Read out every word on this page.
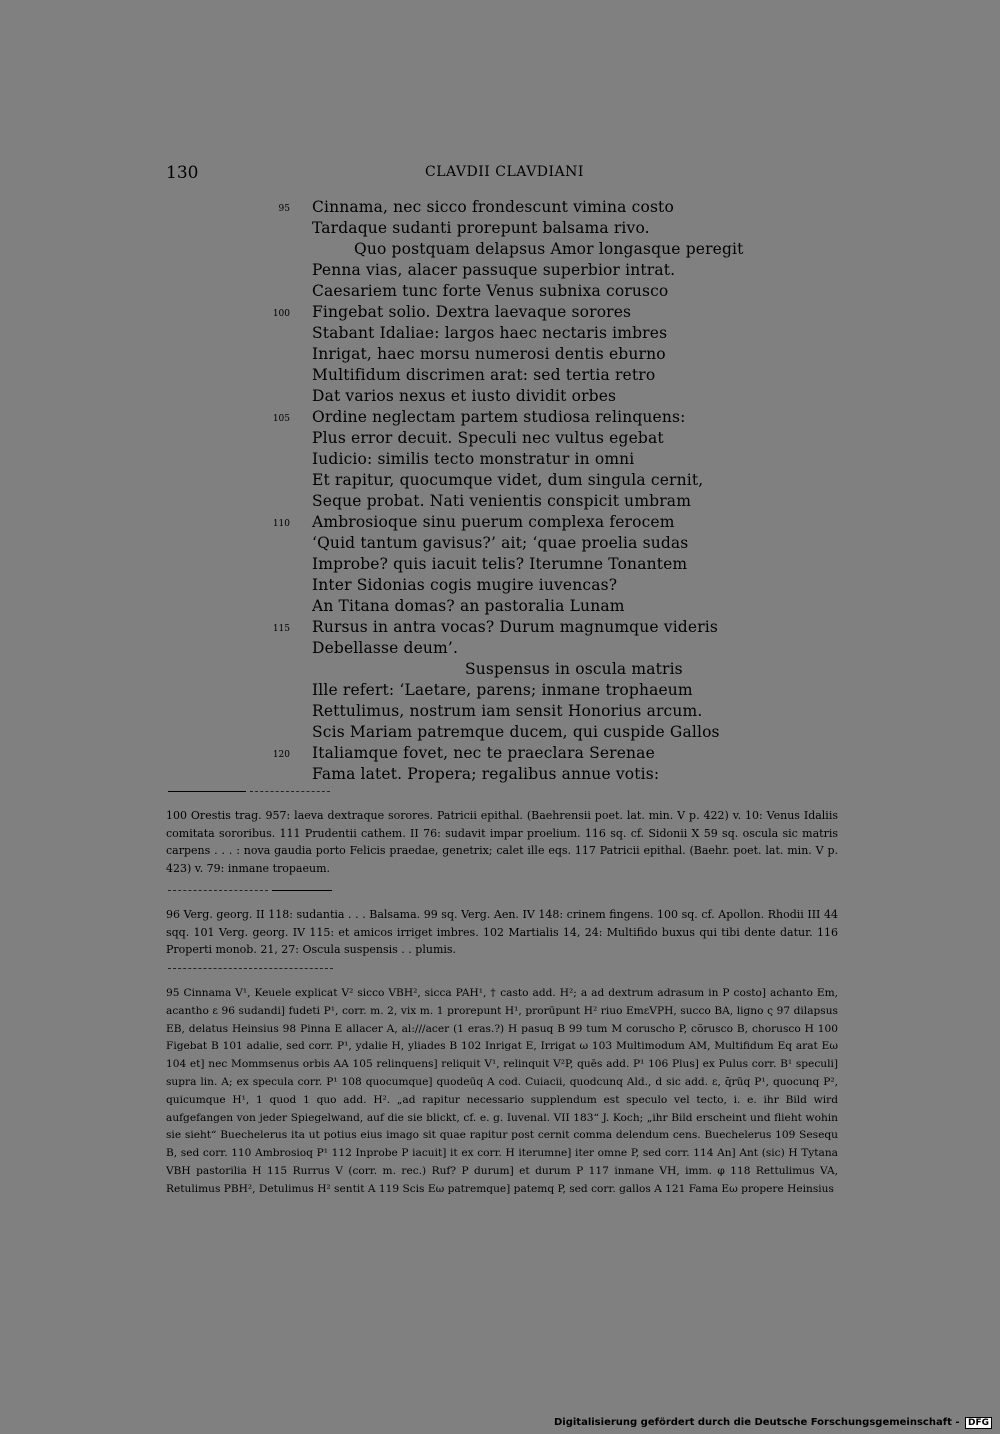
130	CLAVDII CLAVDIANI
95 Cinnama, nec sicco frondescunt vimina costo
Tardaque sudanti prorepunt balsama rivo.
Quo postquam delapsus Amor longasque peregit
Penna vias, alacer passuque superbior intrat.
Caesariem tunc forte Venus subnixa corusco
100 Fingebat solio. Dextra laevaque sorores
Stabant Idaliae: largos haec nectaris imbres
Inrigat, haec morsu numerosi dentis eburno
Multifidum discrimen arat: sed tertia retro
Dat varios nexus et iusto dividit orbes
105 Ordine neglectam partem studiosa relinquens:
Plus error decuit. Speculi nec vultus egebat
Iudicio: similis tecto monstratur in omni
Et rapitur, quocumque videt, dum singula cernit,
Seque probat. Nati venientis conspicit umbram
110 Ambrosioque sinu puerum complexa ferocem
‘Quid tantum gavisus?’ ait; ‘quae proelia sudas
Improbe? quis iacuit telis? Iterumne Tonantem
Inter Sidonias cogis mugire iuvencas?
An Titana domas? an pastoralia Lunam
115 Rursus in antra vocas? Durum magnumque videris
Debellasse deum’.
Suspensus in oscula matris
Ille refert: ‘Laetare, parens; inmane trophaeum
Rettulimus, nostrum iam sensit Honorius arcum.
Scis Mariam patremque ducem, qui cuspide Gallos
120 Italiamque fovet, nec te praeclara Serenae
Fama latet. Propera; regalibus annue votis:

100 Orestis trag. 957: laeva dextraque sorores. Patricii epithal. (Baehrensii poet. lat. min. V p. 422) v. 10: Venus Idaliis comitata sororibus. 111 Prudentii cathem. II 76: sudavit impar proelium. 116 sq. cf. Sidonii X 59 sq. oscula sic matris carpens . . . : nova gaudia porto Felicis praedae, genetrix; calet ille eqs. 117 Patricii epithal. (Baehr. poet. lat. min. V p. 423) v. 79: inmane tropaeum.

96 Verg. georg. II 118: sudantia . . . Balsama. 99 sq. Verg. Aen. IV 148: crinem fingens. 100 sq. cf. Apollon. Rhodii III 44 sqq. 101 Verg. georg. IV 115: et amicos irriget imbres. 102 Martialis 14, 24: Multifido buxus qui tibi dente datur. 116 Properti monob. 21, 27: Oscula suspensis . . plumis.

95 Cinnama V¹, Keuele explicat V² sicco VBH², sicca PAH¹, † casto add. H²; a ad dextrum adrasum in P costo] achanto Em, acantho ε 96 sudandi] fudeti P¹, corr. m. 2, vix m. 1 prorepunt H¹, prorūpunt H² riuo EmεVPH, succo BA, ligno ς 97 dilapsus EB, delatus Heinsius 98 Pinna E allacer A, al:///acer (1 eras.?) H pasuq B 99 tum M coruscho P, cõrusco B, chorusco H 100 Figebat B 101 adalie, sed corr. P¹, ydalie H, yliades B 102 Inrigat E, Irrigat ω 103 Multimodum AM, Multifidum Eq arat Eω 104 et] nec Mommsenus orbis AA 105 relinquens] reliquit V¹, relinquit V²P, quēs add. P¹ 106 Plus] ex Pulus corr. B¹ speculi] supra lin. A; ex specula corr. P¹ 108 quocumque] quodeūq A cod. Cuiacii, quodcunq Ald., d sic add. ε, q̄rūq P¹, quocunq P², quicumque H¹, 1 quod 1 quo add. H². „ad rapitur necessario supplendum est speculo vel tecto, i. e. ihr Bild wird aufgefangen von jeder Spiegelwand, auf die sie blickt, cf. e. g. Iuvenal. VII 183“ J. Koch; „ihr Bild erscheint und flieht wohin sie sieht“ Buechelerus ita ut potius eius imago sit quae rapitur post cernit comma delendum cens. Buechelerus 109 Sesequ B, sed corr. 110 Ambrosioq P¹ 112 Inprobe P iacuit] it ex corr. H iterumne] iter omne P, sed corr. 114 An] Ant (sic) H Tytana VBH pastorilia H 115 Rurrus V (corr. m. rec.) Ruf? P durum] et durum P 117 inmane VH, imm. φ 118 Rettulimus VA, Retulimus PBH², Detulimus H² sentit A 119 Scis Eω patremque] patemq P, sed corr. gallos A 121 Fama Eω propere Heinsius

Digitalisierung gefördert durch die Deutsche Forschungsgemeinschaft - DFG
